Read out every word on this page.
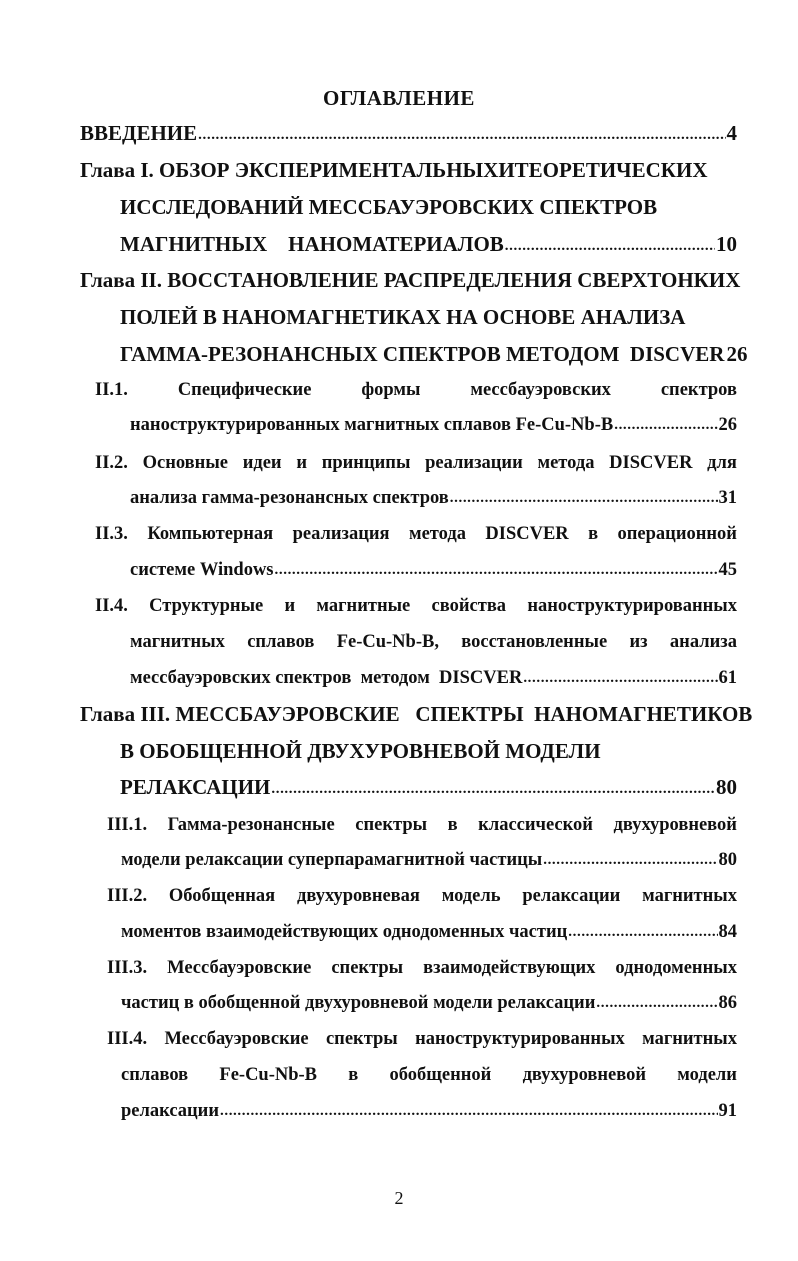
ОГЛАВЛЕНИЕ
ВВЕДЕНИЕ .....	4
Глава I. ОБЗОР ЭКСПЕРИМЕНТАЛЬНЫХ И ТЕОРЕТИЧЕСКИХ
ИССЛЕДОВАНИЙ МЕССБАУЭРОВСКИХ СПЕКТРОВ
МАГНИТНЫХ    НАНОМАТЕРИАЛОВ .....	10
Глава II. ВОССТАНОВЛЕНИЕ РАСПРЕДЕЛЕНИЯ СВЕРХТОНКИХ
ПОЛЕЙ В НАНОМАГНЕТИКАХ НА ОСНОВЕ АНАЛИЗА
ГАММА-РЕЗОНАНСНЫХ СПЕКТРОВ МЕТОДОМ  DISCVER 26
II.1.	Специфические	формы	мессбауэровских	спектров
наноструктурированных магнитных сплавов Fe-Cu-Nb-B .....	26
II.2. Основные идеи и принципы реализации метода DISCVER для
анализа гамма-резонансных спектров .....	31
II.3. Компьютерная реализация метода DISCVER в операционной
системе Windows .....	45
II.4. Структурные и магнитные свойства наноструктурированных
магнитных сплавов Fe-Cu-Nb-B, восстановленные из анализа
мессбауэровских спектров  методом  DISCVER .....	61
Глава III. МЕССБАУЭРОВСКИЕ   СПЕКТРЫ  НАНОМАГНЕТИКОВ
В ОБОБЩЕННОЙ ДВУХУРОВНЕВОЙ МОДЕЛИ
РЕЛАКСАЦИИ .....	80
III.1. Гамма-резонансные спектры в классической двухуровневой
модели релаксации суперпарамагнитной частицы .....	80
III.2. Обобщенная двухуровневая модель релаксации магнитных
моментов взаимодействующих однодоменных частиц .....	84
III.3. Мессбауэровские спектры взаимодействующих однодоменных
частиц в обобщенной двухуровневой модели релаксации .....	86
III.4. Мессбауэровские спектры наноструктурированных магнитных
сплавов Fe-Cu-Nb-B в обобщенной двухуровневой модели
релаксации .....	91
2
